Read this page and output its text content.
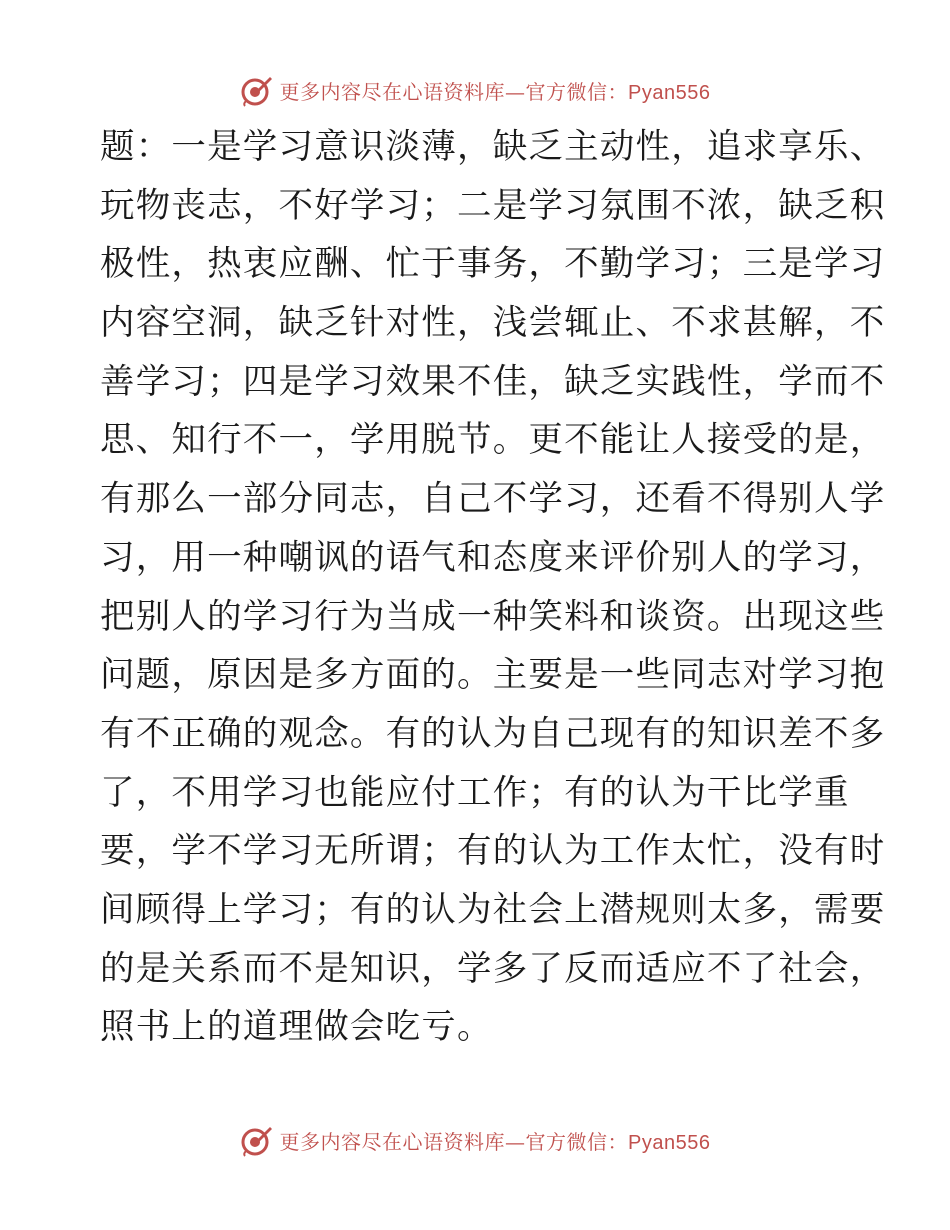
更多内容尽在心语资料库—官方微信：Pyan556
题：一是学习意识淡薄，缺乏主动性，追求享乐、
玩物丧志，不好学习；二是学习氛围不浓，缺乏积
极性，热衷应酬、忙于事务，不勤学习；三是学习
内容空洞，缺乏针对性，浅尝辄止、不求甚解，不
善学习；四是学习效果不佳，缺乏实践性，学而不
思、知行不一，学用脱节。更不能让人接受的是，
有那么一部分同志，自己不学习，还看不得别人学
习，用一种嘲讽的语气和态度来评价别人的学习，
把别人的学习行为当成一种笑料和谈资。出现这些
问题，原因是多方面的。主要是一些同志对学习抱
有不正确的观念。有的认为自己现有的知识差不多
了，不用学习也能应付工作；有的认为干比学重
要，学不学习无所谓；有的认为工作太忙，没有时
间顾得上学习；有的认为社会上潜规则太多，需要
的是关系而不是知识，学多了反而适应不了社会，
照书上的道理做会吃亏。
更多内容尽在心语资料库—官方微信：Pyan556
